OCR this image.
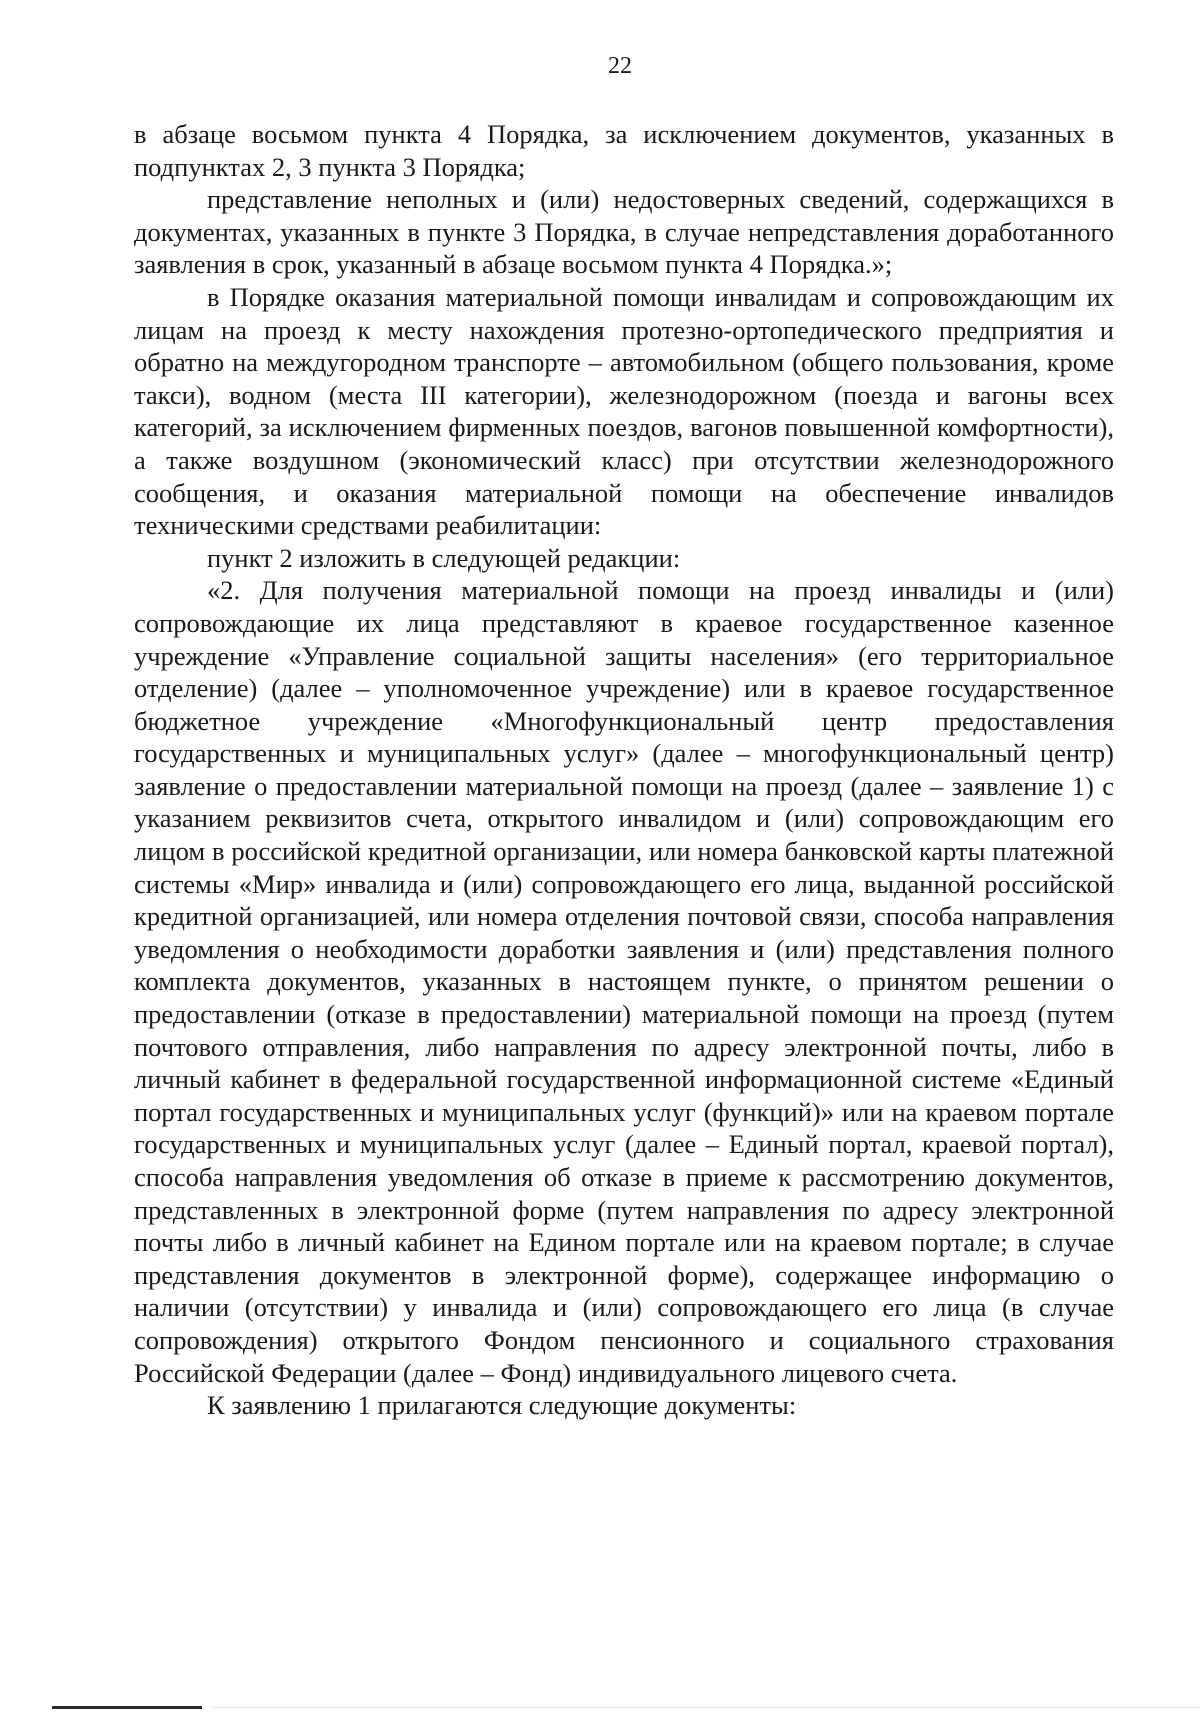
22

в абзаце восьмом пункта 4 Порядка, за исключением документов, указанных в подпунктах 2, 3 пункта 3 Порядка;

представление неполных и (или) недостоверных сведений, содержащихся в документах, указанных в пункте 3 Порядка, в случае непредставления доработанного заявления в срок, указанный в абзаце восьмом пункта 4 Порядка.»;

в Порядке оказания материальной помощи инвалидам и сопровождающим их лицам на проезд к месту нахождения протезно-ортопедического предприятия и обратно на междугородном транспорте – автомобильном (общего пользования, кроме такси), водном (места III категории), железнодорожном (поезда и вагоны всех категорий, за исключением фирменных поездов, вагонов повышенной комфортности), а также воздушном (экономический класс) при отсутствии железнодорожного сообщения, и оказания материальной помощи на обеспечение инвалидов техническими средствами реабилитации:

пункт 2 изложить в следующей редакции:

«2. Для получения материальной помощи на проезд инвалиды и (или) сопровождающие их лица представляют в краевое государственное казенное учреждение «Управление социальной защиты населения» (его территориальное отделение) (далее – уполномоченное учреждение) или в краевое государственное бюджетное учреждение «Многофункциональный центр предоставления государственных и муниципальных услуг» (далее – многофункциональный центр) заявление о предоставлении материальной помощи на проезд (далее – заявление 1) с указанием реквизитов счета, открытого инвалидом и (или) сопровождающим его лицом в российской кредитной организации, или номера банковской карты платежной системы «Мир» инвалида и (или) сопровождающего его лица, выданной российской кредитной организацией, или номера отделения почтовой связи, способа направления уведомления о необходимости доработки заявления и (или) представления полного комплекта документов, указанных в настоящем пункте, о принятом решении о предоставлении (отказе в предоставлении) материальной помощи на проезд (путем почтового отправления, либо направления по адресу электронной почты, либо в личный кабинет в федеральной государственной информационной системе «Единый портал государственных и муниципальных услуг (функций)» или на краевом портале государственных и муниципальных услуг (далее – Единый портал, краевой портал), способа направления уведомления об отказе в приеме к рассмотрению документов, представленных в электронной форме (путем направления по адресу электронной почты либо в личный кабинет на Едином портале или на краевом портале; в случае представления документов в электронной форме), содержащее информацию о наличии (отсутствии) у инвалида и (или) сопровождающего его лица (в случае сопровождения) открытого Фондом пенсионного и социального страхования Российской Федерации (далее – Фонд) индивидуального лицевого счета.

К заявлению 1 прилагаются следующие документы:
